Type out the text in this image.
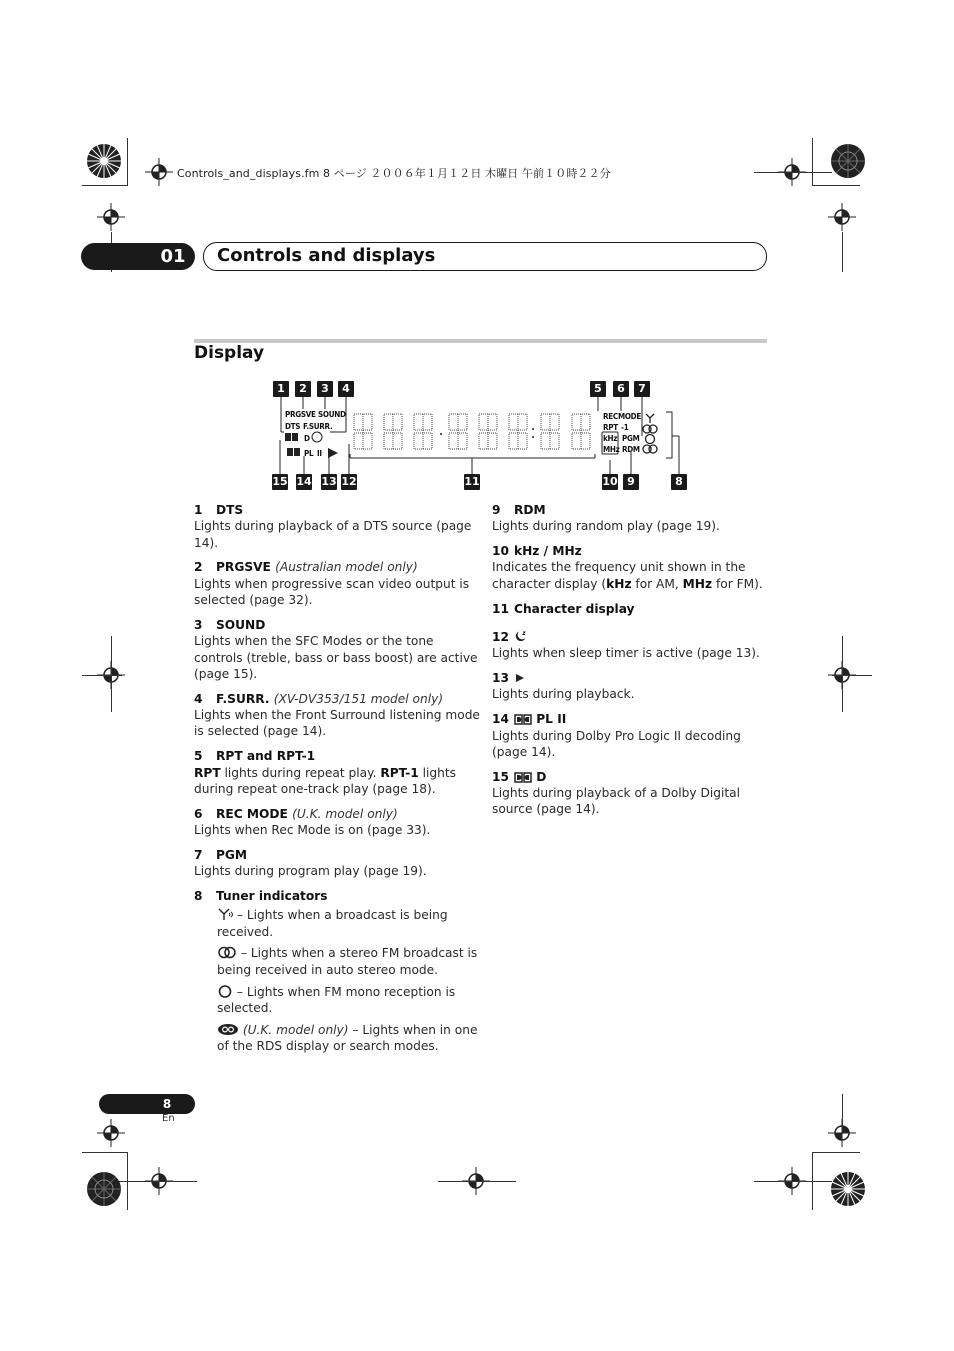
Controls_and_displays.fm 8 ページ ２００６年１月１２日 木曜日 午前１０時２２分
01	Controls and displays
Display
1	2	3	4	5	6	7
15 14 13 12	11	10 9	8
PRGSVE SOUND
DTS F.SURR.
D
PL II
REC MODE
RPT -1
kHz
MHz
PGM
RDM
1 DTS
Lights during playback of a DTS source (page 14).
2 PRGSVE (Australian model only)
Lights when progressive scan video output is selected (page 32).
3 SOUND
Lights when the SFC Modes or the tone controls (treble, bass or bass boost) are active (page 15).
4 F.SURR. (XV-DV353/151 model only)
Lights when the Front Surround listening mode is selected (page 14).
5 RPT and RPT-1
RPT lights during repeat play. RPT-1 lights during repeat one-track play (page 18).
6 REC MODE (U.K. model only)
Lights when Rec Mode is on (page 33).
7 PGM
Lights during program play (page 19).
8 Tuner indicators
– Lights when a broadcast is being received.
– Lights when a stereo FM broadcast is being received in auto stereo mode.
– Lights when FM mono reception is selected.
(U.K. model only) – Lights when in one of the RDS display or search modes.
9 RDM
Lights during random play (page 19).
10 kHz / MHz
Indicates the frequency unit shown in the character display (kHz for AM, MHz for FM).
11 Character display
12
Lights when sleep timer is active (page 13).
13
Lights during playback.
14 PL II
Lights during Dolby Pro Logic II decoding (page 14).
15 D
Lights during playback of a Dolby Digital source (page 14).
8
En
